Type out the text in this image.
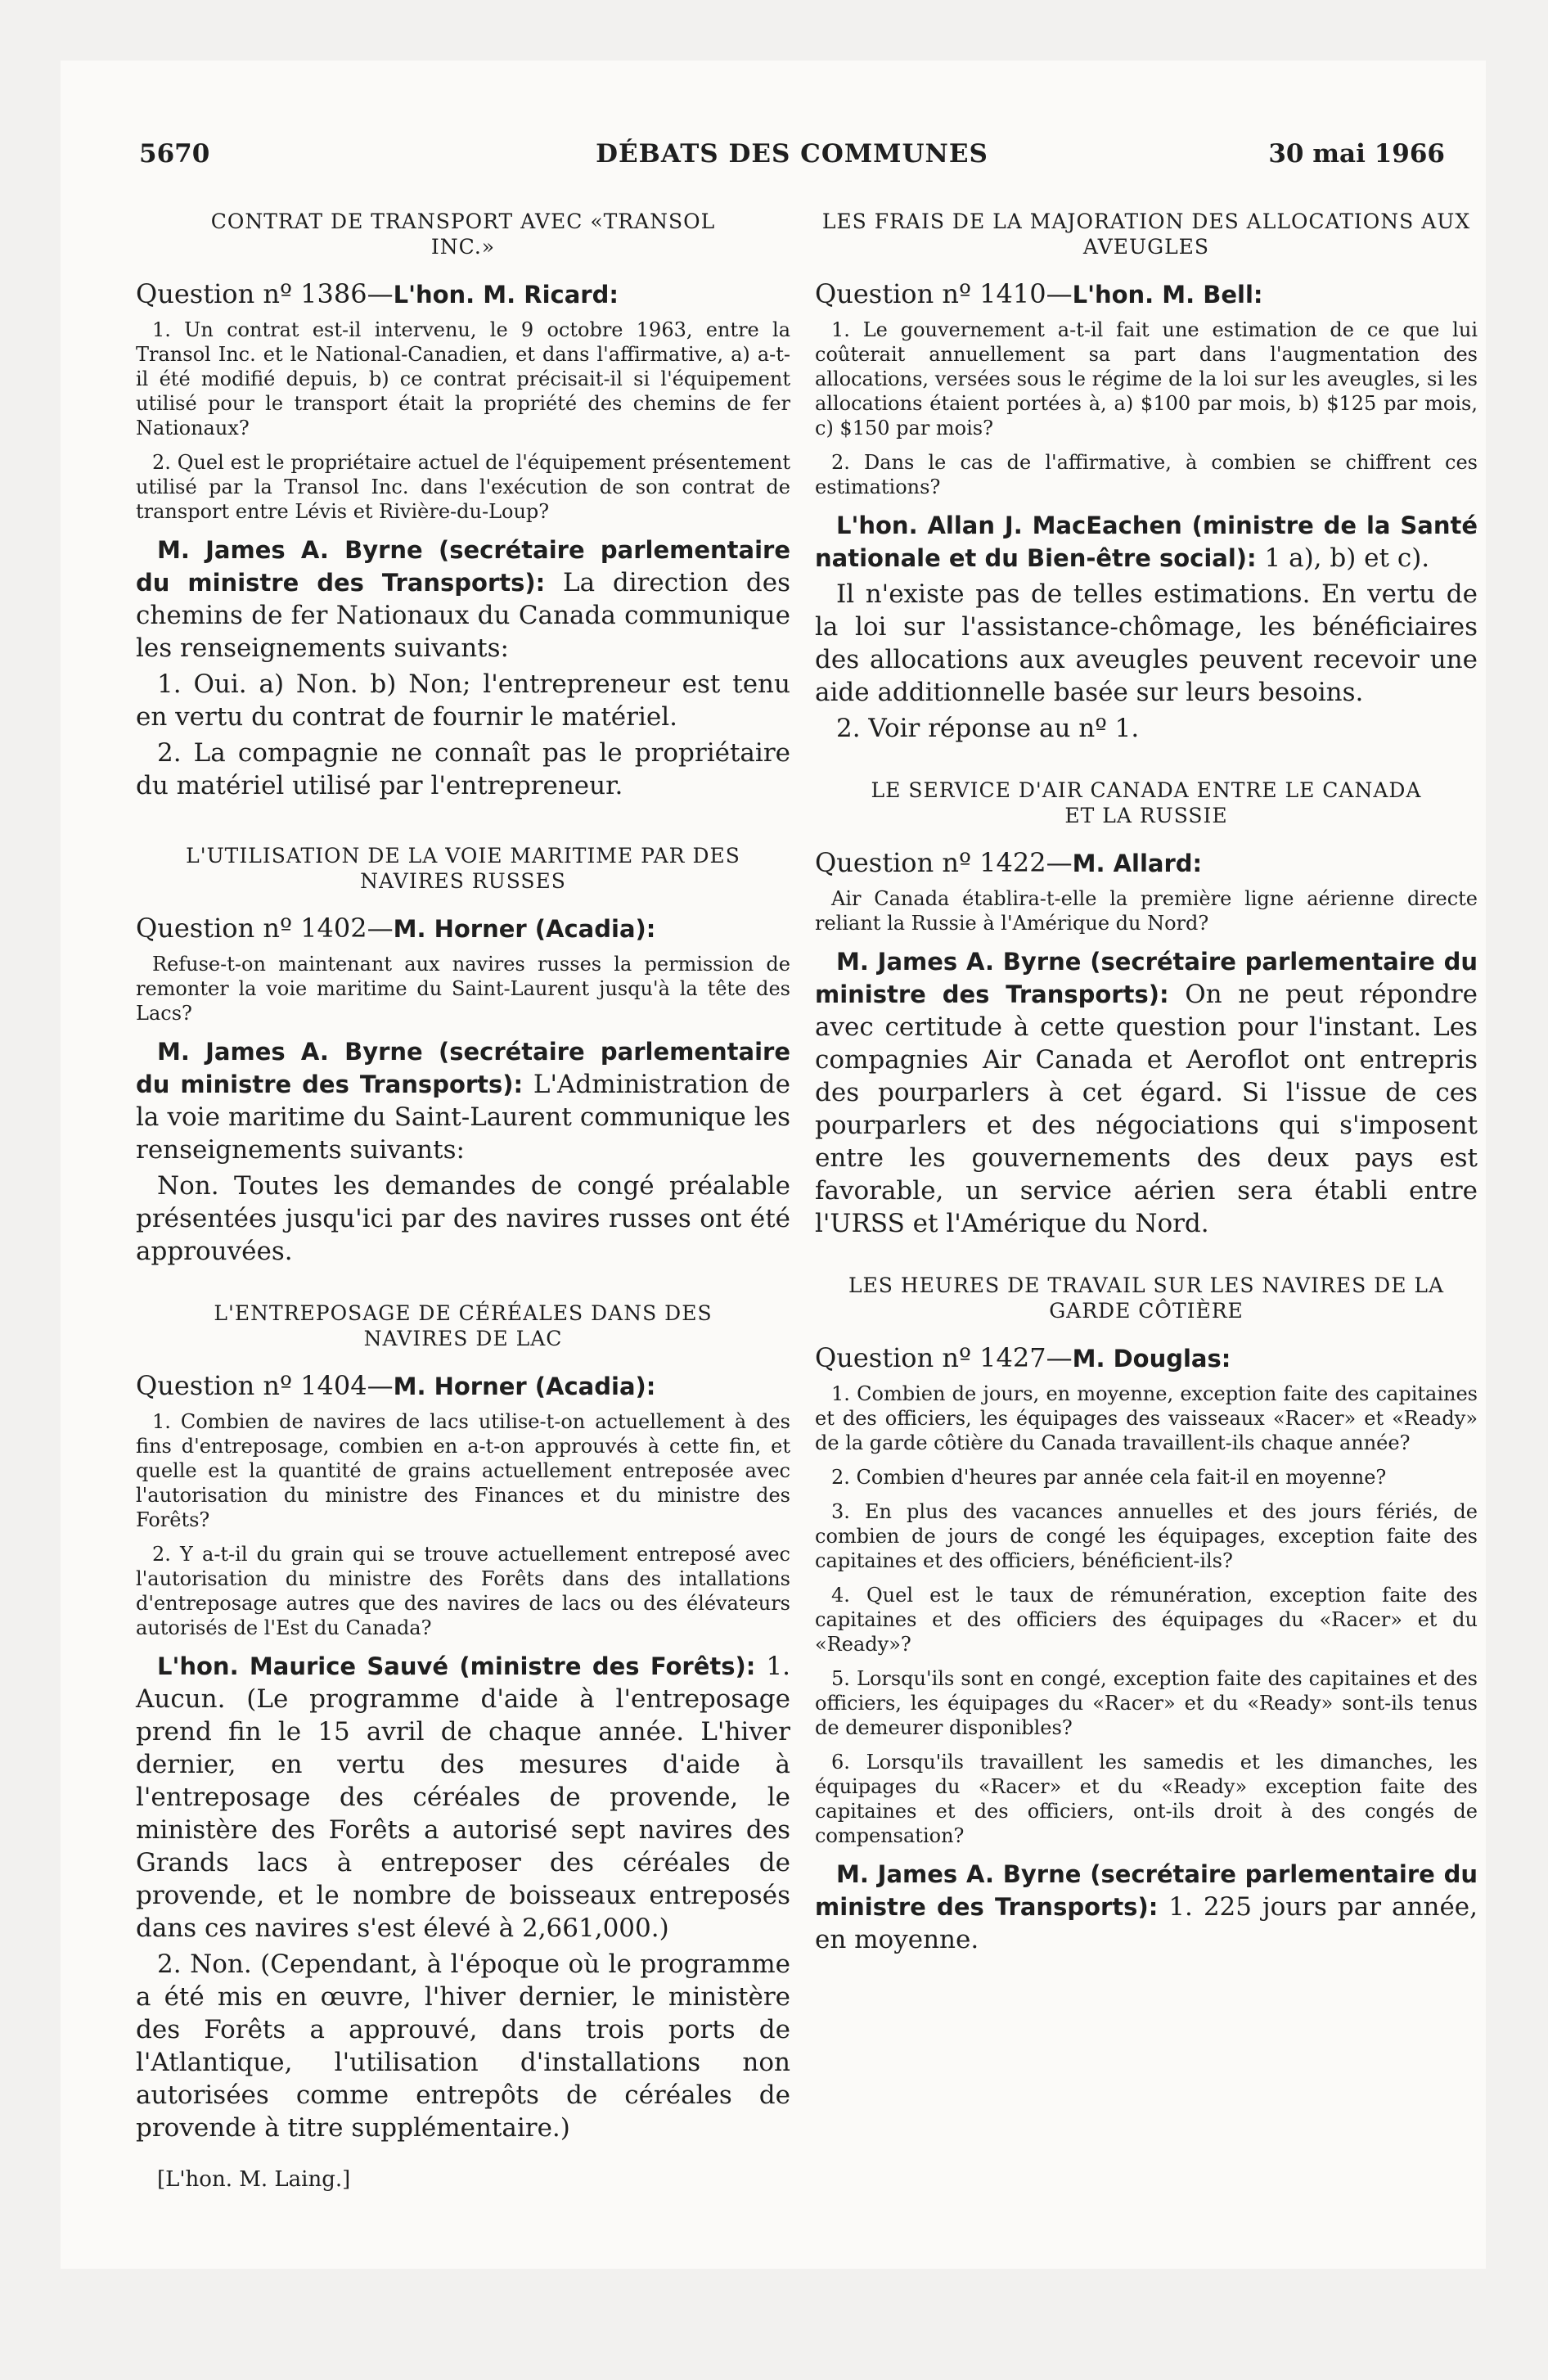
5670	DÉBATS DES COMMUNES	30 mai 1966
CONTRAT DE TRANSPORT AVEC «TRANSOL INC.»

Question nº 1386—L'hon. M. Ricard:

1. Un contrat est-il intervenu, le 9 octobre 1963, entre la Transol Inc. et le National-Canadien, et dans l'affirmative, a) a-t-il été modifié depuis, b) ce contrat précisait-il si l'équipement utilisé pour le transport était la propriété des chemins de fer Nationaux?

2. Quel est le propriétaire actuel de l'équipement présentement utilisé par la Transol Inc. dans l'exécution de son contrat de transport entre Lévis et Rivière-du-Loup?

M. James A. Byrne (secrétaire parlementaire du ministre des Transports): La direction des chemins de fer Nationaux du Canada communique les renseignements suivants:

1. Oui. a) Non. b) Non; l'entrepreneur est tenu en vertu du contrat de fournir le matériel.

2. La compagnie ne connaît pas le propriétaire du matériel utilisé par l'entrepreneur.

L'UTILISATION DE LA VOIE MARITIME PAR DES NAVIRES RUSSES

Question nº 1402—M. Horner (Acadia):

Refuse-t-on maintenant aux navires russes la permission de remonter la voie maritime du Saint-Laurent jusqu'à la tête des Lacs?

M. James A. Byrne (secrétaire parlementaire du ministre des Transports): L'Administration de la voie maritime du Saint-Laurent communique les renseignements suivants:

Non. Toutes les demandes de congé préalable présentées jusqu'ici par des navires russes ont été approuvées.

L'ENTREPOSAGE DE CÉRÉALES DANS DES NAVIRES DE LAC

Question nº 1404—M. Horner (Acadia):

1. Combien de navires de lacs utilise-t-on actuellement à des fins d'entreposage, combien en a-t-on approuvés à cette fin, et quelle est la quantité de grains actuellement entreposée avec l'autorisation du ministre des Finances et du ministre des Forêts?

2. Y a-t-il du grain qui se trouve actuellement entreposé avec l'autorisation du ministre des Forêts dans des intallations d'entreposage autres que des navires de lacs ou des élévateurs autorisés de l'Est du Canada?

L'hon. Maurice Sauvé (ministre des Forêts): 1. Aucun. (Le programme d'aide à l'entreposage prend fin le 15 avril de chaque année. L'hiver dernier, en vertu des mesures d'aide à l'entreposage des céréales de provende, le ministère des Forêts a autorisé sept navires des Grands lacs à entreposer des céréales de provende, et le nombre de boisseaux entreposés dans ces navires s'est élevé à 2,661,000.)

2. Non. (Cependant, à l'époque où le programme a été mis en œuvre, l'hiver dernier, le ministère des Forêts a approuvé, dans trois ports de l'Atlantique, l'utilisation d'installations non autorisées comme entrepôts de céréales de provende à titre supplémentaire.)

[L'hon. M. Laing.]

LES FRAIS DE LA MAJORATION DES ALLOCATIONS AUX AVEUGLES

Question nº 1410—L'hon. M. Bell:

1. Le gouvernement a-t-il fait une estimation de ce que lui coûterait annuellement sa part dans l'augmentation des allocations, versées sous le régime de la loi sur les aveugles, si les allocations étaient portées à, a) $100 par mois, b) $125 par mois, c) $150 par mois?

2. Dans le cas de l'affirmative, à combien se chiffrent ces estimations?

L'hon. Allan J. MacEachen (ministre de la Santé nationale et du Bien-être social): 1 a), b) et c).

Il n'existe pas de telles estimations. En vertu de la loi sur l'assistance-chômage, les bénéficiaires des allocations aux aveugles peuvent recevoir une aide additionnelle basée sur leurs besoins.

2. Voir réponse au nº 1.

LE SERVICE D'AIR CANADA ENTRE LE CANADA ET LA RUSSIE

Question nº 1422—M. Allard:

Air Canada établira-t-elle la première ligne aérienne directe reliant la Russie à l'Amérique du Nord?

M. James A. Byrne (secrétaire parlementaire du ministre des Transports): On ne peut répondre avec certitude à cette question pour l'instant. Les compagnies Air Canada et Aeroflot ont entrepris des pourparlers à cet égard. Si l'issue de ces pourparlers et des négociations qui s'imposent entre les gouvernements des deux pays est favorable, un service aérien sera établi entre l'URSS et l'Amérique du Nord.

LES HEURES DE TRAVAIL SUR LES NAVIRES DE LA GARDE CÔTIÈRE

Question nº 1427—M. Douglas:

1. Combien de jours, en moyenne, exception faite des capitaines et des officiers, les équipages des vaisseaux «Racer» et «Ready» de la garde côtière du Canada travaillent-ils chaque année?

2. Combien d'heures par année cela fait-il en moyenne?

3. En plus des vacances annuelles et des jours fériés, de combien de jours de congé les équipages, exception faite des capitaines et des officiers, bénéficient-ils?

4. Quel est le taux de rémunération, exception faite des capitaines et des officiers des équipages du «Racer» et du «Ready»?

5. Lorsqu'ils sont en congé, exception faite des capitaines et des officiers, les équipages du «Racer» et du «Ready» sont-ils tenus de demeurer disponibles?

6. Lorsqu'ils travaillent les samedis et les dimanches, les équipages du «Racer» et du «Ready» exception faite des capitaines et des officiers, ont-ils droit à des congés de compensation?

M. James A. Byrne (secrétaire parlementaire du ministre des Transports): 1. 225 jours par année, en moyenne.
